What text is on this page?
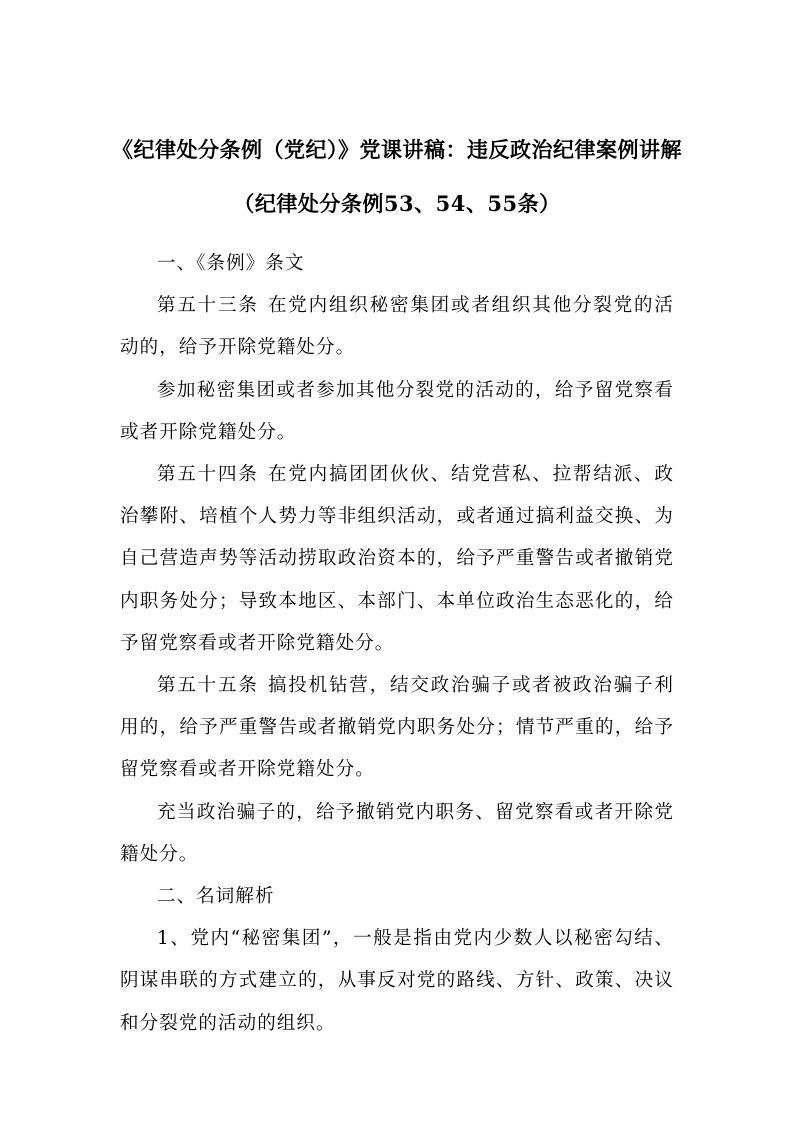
《纪律处分条例（党纪）》党课讲稿：违反政治纪律案例讲解（纪律处分条例53、54、55条）

一、《条例》条文

第五十三条 在党内组织秘密集团或者组织其他分裂党的活动的，给予开除党籍处分。

参加秘密集团或者参加其他分裂党的活动的，给予留党察看或者开除党籍处分。

第五十四条 在党内搞团团伙伙、结党营私、拉帮结派、政治攀附、培植个人势力等非组织活动，或者通过搞利益交换、为自己营造声势等活动捞取政治资本的，给予严重警告或者撤销党内职务处分；导致本地区、本部门、本单位政治生态恶化的，给予留党察看或者开除党籍处分。

第五十五条 搞投机钻营，结交政治骗子或者被政治骗子利用的，给予严重警告或者撤销党内职务处分；情节严重的，给予留党察看或者开除党籍处分。

充当政治骗子的，给予撤销党内职务、留党察看或者开除党籍处分。

二、名词解析

1、党内“秘密集团”，一般是指由党内少数人以秘密勾结、阴谋串联的方式建立的，从事反对党的路线、方针、政策、决议和分裂党的活动的组织。
